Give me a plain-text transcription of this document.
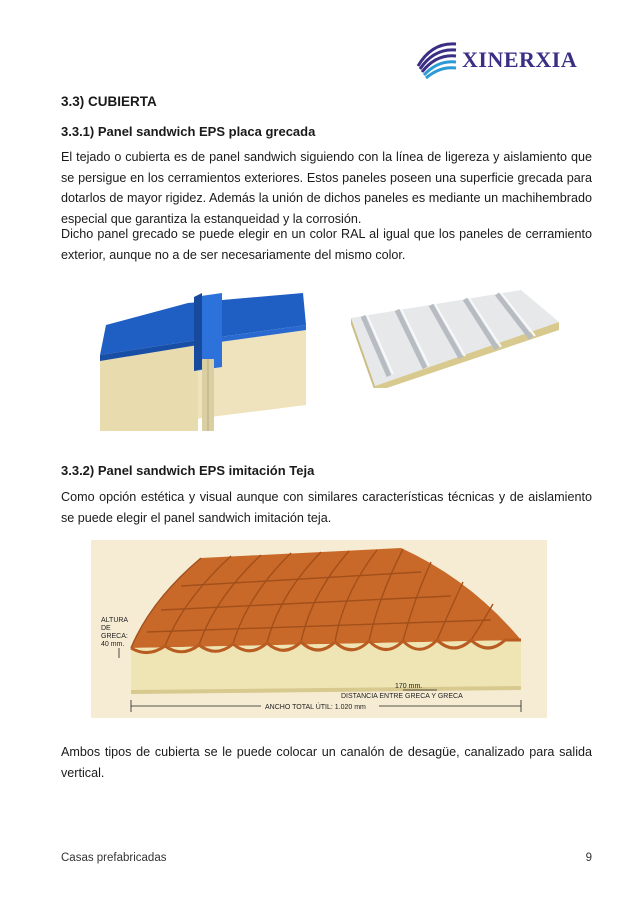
XINERXIA
3.3) CUBIERTA
3.3.1) Panel sandwich EPS placa grecada

El tejado o cubierta es de panel sandwich siguiendo con la línea de ligereza y aislamiento que se persigue en los cerramientos exteriores. Estos paneles poseen una superficie grecada para dotarlos de mayor rigidez. Además la unión de dichos paneles es mediante un machihembrado especial que garantiza la estanqueidad y la corrosión.

Dicho panel grecado se puede elegir en un color RAL al igual que los paneles de cerramiento exterior, aunque no a de ser necesariamente del mismo color.

3.3.2) Panel sandwich EPS imitación Teja

Como opción estética y visual aunque con similares características técnicas y de aislamiento se puede elegir el panel sandwich imitación teja.

ALTURA
DE
GRECA:
40 mm.
170 mm.
DISTANCIA ENTRE GRECA Y GRECA
ANCHO TOTAL ÚTIL: 1.020 mm

Ambos tipos de cubierta se le puede colocar un canalón de desagüe, canalizado para salida vertical.

Casas prefabricadas	9
